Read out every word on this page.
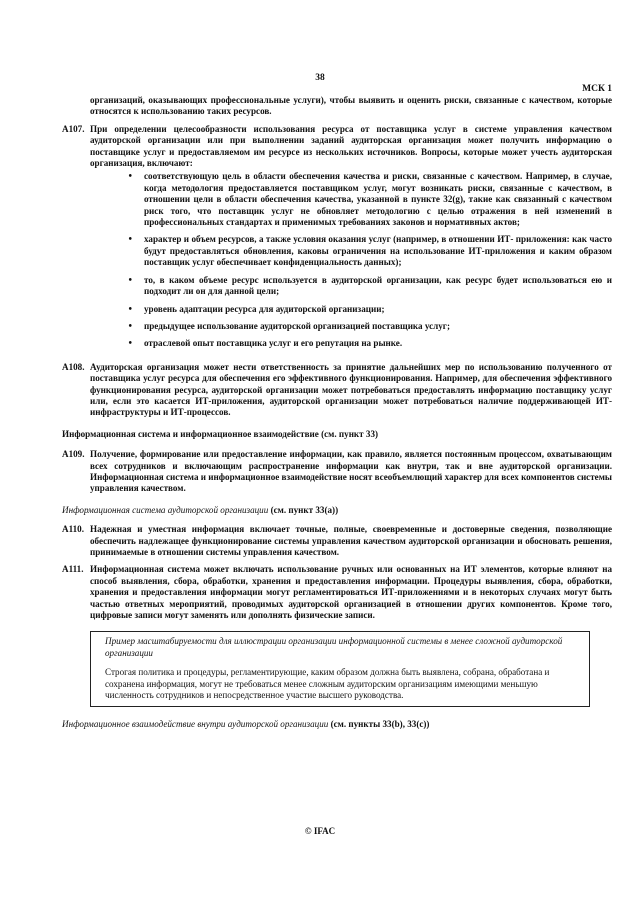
38
МСК 1
организаций, оказывающих профессиональные услуги), чтобы выявить и оценить риски, связанные с качеством, которые относятся к использованию таких ресурсов.
A107. При определении целесообразности использования ресурса от поставщика услуг в системе управления качеством аудиторской организации или при выполнении заданий аудиторская организация может получить информацию о поставщике услуг и предоставляемом им ресурсе из нескольких источников. Вопросы, которые может учесть аудиторская организация, включают:
•	соответствующую цель в области обеспечения качества и риски, связанные с качеством. Например, в случае, когда методология предоставляется поставщиком услуг, могут возникать риски, связанные с качеством, в отношении цели в области обеспечения качества, указанной в пункте 32(g), такие как связанный с качеством риск того, что поставщик услуг не обновляет методологию с целью отражения в ней изменений в профессиональных стандартах и применимых требованиях законов и нормативных актов;
•	характер и объем ресурсов, а также условия оказания услуг (например, в отношении ИТ- приложения: как часто будут предоставляться обновления, каковы ограничения на использование ИТ-приложения и каким образом поставщик услуг обеспечивает конфиденциальность данных);
•	то, в каком объеме ресурс используется в аудиторской организации, как ресурс будет использоваться ею и подходит ли он для данной цели;
•	уровень адаптации ресурса для аудиторской организации;
•	предыдущее использование аудиторской организацией поставщика услуг;
•	отраслевой опыт поставщика услуг и его репутация на рынке.
A108. Аудиторская организация может нести ответственность за принятие дальнейших мер по использованию полученного от поставщика услуг ресурса для обеспечения его эффективного функционирования. Например, для обеспечения эффективного функционирования ресурса, аудиторской организации может потребоваться предоставлять информацию поставщику услуг или, если это касается ИТ-приложения, аудиторской организации может потребоваться наличие поддерживающей ИТ-инфраструктуры и ИТ-процессов.
Информационная система и информационное взаимодействие (см. пункт 33)
A109. Получение, формирование или предоставление информации, как правило, является постоянным процессом, охватывающим всех сотрудников и включающим распространение информации как внутри, так и вне аудиторской организации. Информационная система и информационное взаимодействие носят всеобъемлющий характер для всех компонентов системы управления качеством.
Информационная система аудиторской организации (см. пункт 33(а))
A110. Надежная и уместная информация включает точные, полные, своевременные и достоверные сведения, позволяющие обеспечить надлежащее функционирование системы управления качеством аудиторской организации и обосновать решения, принимаемые в отношении системы управления качеством.
A111. Информационная система может включать использование ручных или основанных на ИТ элементов, которые влияют на способ выявления, сбора, обработки, хранения и предоставления информации. Процедуры выявления, сбора, обработки, хранения и предоставления информации могут регламентироваться ИТ-приложениями и в некоторых случаях могут быть частью ответных мероприятий, проводимых аудиторской организацией в отношении других компонентов. Кроме того, цифровые записи могут заменять или дополнять физические записи.
Пример масштабируемости для иллюстрации организации информационной системы в менее сложной аудиторской организации
Строгая политика и процедуры, регламентирующие, каким образом должна быть выявлена, собрана, обработана и сохранена информация, могут не требоваться менее сложным аудиторским организациям имеющими меньшую численность сотрудников и непосредственное участие высшего руководства.
Информационное взаимодействие внутри аудиторской организации (см. пункты 33(b), 33(c))
© IFAC
